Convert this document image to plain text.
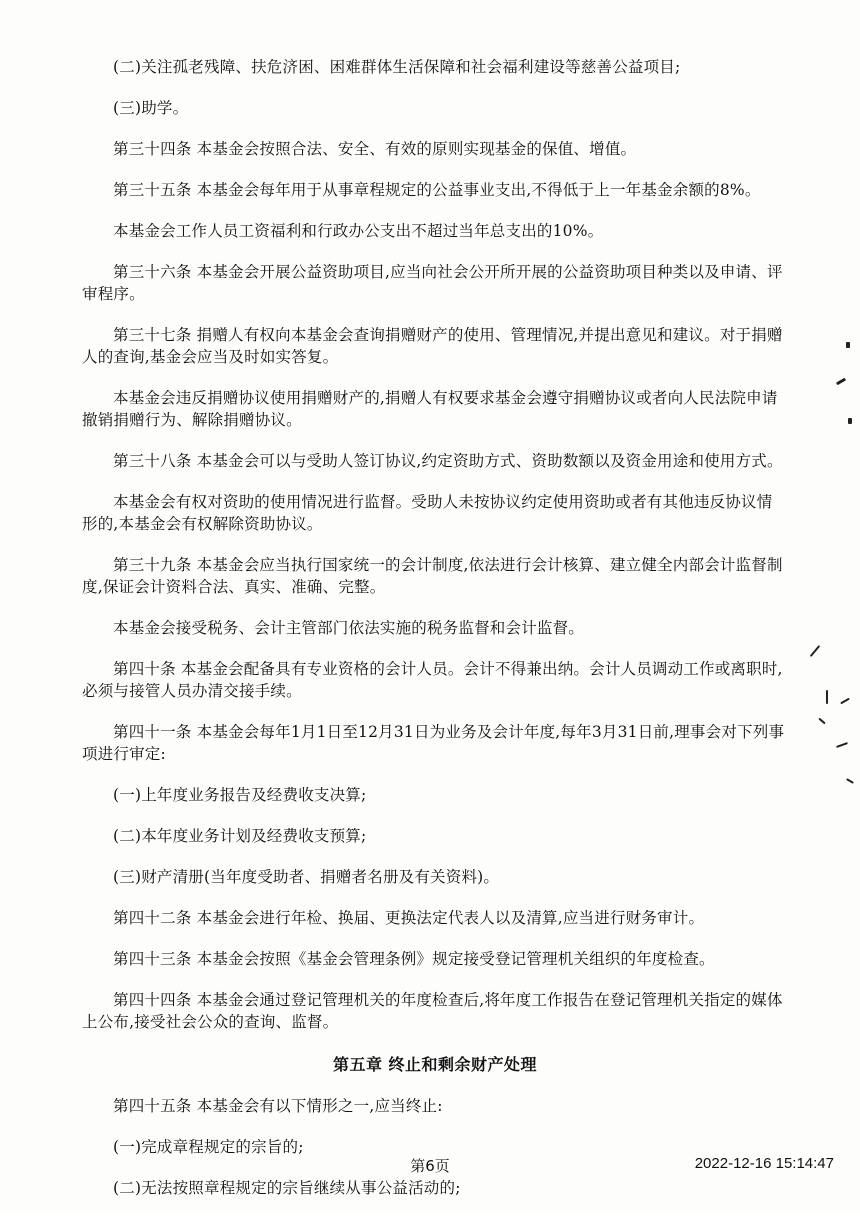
(二)关注孤老残障、扶危济困、困难群体生活保障和社会福利建设等慈善公益项目;

(三)助学。

第三十四条 本基金会按照合法、安全、有效的原则实现基金的保值、增值。

第三十五条 本基金会每年用于从事章程规定的公益事业支出,不得低于上一年基金余额的8%。

本基金会工作人员工资福利和行政办公支出不超过当年总支出的10%。

第三十六条 本基金会开展公益资助项目,应当向社会公开所开展的公益资助项目种类以及申请、评审程序。

第三十七条 捐赠人有权向本基金会查询捐赠财产的使用、管理情况,并提出意见和建议。对于捐赠人的查询,基金会应当及时如实答复。

本基金会违反捐赠协议使用捐赠财产的,捐赠人有权要求基金会遵守捐赠协议或者向人民法院申请撤销捐赠行为、解除捐赠协议。

第三十八条 本基金会可以与受助人签订协议,约定资助方式、资助数额以及资金用途和使用方式。

本基金会有权对资助的使用情况进行监督。受助人未按协议约定使用资助或者有其他违反协议情形的,本基金会有权解除资助协议。

第三十九条 本基金会应当执行国家统一的会计制度,依法进行会计核算、建立健全内部会计监督制度,保证会计资料合法、真实、准确、完整。

本基金会接受税务、会计主管部门依法实施的税务监督和会计监督。

第四十条 本基金会配备具有专业资格的会计人员。会计不得兼出纳。会计人员调动工作或离职时,必须与接管人员办清交接手续。

第四十一条 本基金会每年1月1日至12月31日为业务及会计年度,每年3月31日前,理事会对下列事项进行审定:

(一)上年度业务报告及经费收支决算;

(二)本年度业务计划及经费收支预算;

(三)财产清册(当年度受助者、捐赠者名册及有关资料)。

第四十二条 本基金会进行年检、换届、更换法定代表人以及清算,应当进行财务审计。

第四十三条 本基金会按照《基金会管理条例》规定接受登记管理机关组织的年度检查。

第四十四条 本基金会通过登记管理机关的年度检查后,将年度工作报告在登记管理机关指定的媒体上公布,接受社会公众的查询、监督。

第五章 终止和剩余财产处理

第四十五条 本基金会有以下情形之一,应当终止:

(一)完成章程规定的宗旨的;

(二)无法按照章程规定的宗旨继续从事公益活动的;

第6页	2022-12-16 15:14:47
